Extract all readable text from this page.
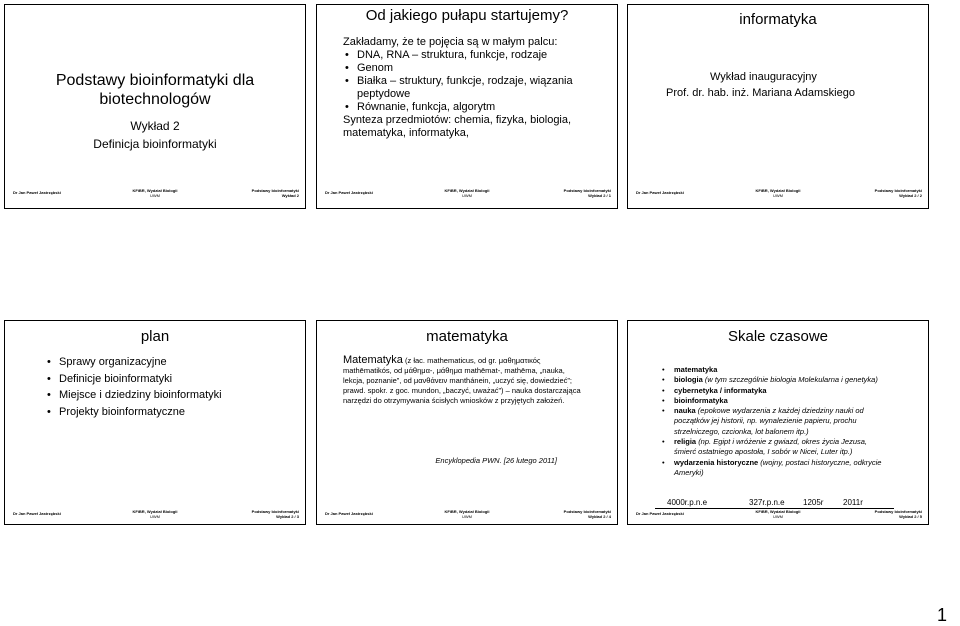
Podstawy bioinformatyki dla biotechnologów
Wykład 2
Definicja bioinformatyki
Dr Jan Paweł Jastrzębski	KFiBR, Wydział Biologii
UWM
Podstawy bioinformatyki
Wykład 2
Od jakiego pułapu startujemy?
Zakładamy, że te pojęcia są w małym palcu:
• DNA, RNA – struktura, funkcje, rodzaje
• Genom
• Białka – struktury, funkcje, rodzaje, wiązania peptydowe
• Równanie, funkcja, algorytm
Synteza przedmiotów: chemia, fizyka, biologia, matematyka, informatyka,
Dr Jan Paweł Jastrzębski	KFiBR, Wydział Biologii
UWM
Podstawy bioinformatyki
Wykład 2 / 1
informatyka
Wykład inauguracyjny
Prof. dr. hab. inż. Mariana Adamskiego
Dr Jan Paweł Jastrzębski	KFiBR, Wydział Biologii
UWM
Podstawy bioinformatyki
Wykład 2 / 2
plan
• Sprawy organizacyjne
• Definicje bioinformatyki
• Miejsce i dziedziny bioinformatyki
• Projekty bioinformatyczne
Dr Jan Paweł Jastrzębski	KFiBR, Wydział Biologii
UWM
Podstawy bioinformatyki
Wykład 2 / 3
matematyka
Matematyka (z łac. mathematicus, od gr. μαθηματικός
mathēmatikós, od μάθημα-, μάθημα mathēmat-, mathēma, „nauka, lekcja, poznanie”, od μανθάνειν manthánein, „uczyć się, dowiedzieć”; prawd. spokr. z goc. mundon, „baczyć, uważać”) – nauka dostarczająca narzędzi do otrzymywania ścisłych wniosków z przyjętych założeń.
Encyklopedia PWN. [26 lutego 2011]
Dr Jan Paweł Jastrzębski	KFiBR, Wydział Biologii
UWM
Podstawy bioinformatyki
Wykład 2 / 4
Skale czasowe
• matematyka
• biologia (w tym szczególnie biologia Molekularna i genetyka)
• cybernetyka / informatyka
• bioinformatyka
• nauka (epokowe wydarzenia z każdej dziedziny nauki od początków jej historii, np. wynalezienie papieru, prochu strzelniczego, czcionka, lot balonem itp.)
• religia (np. Egipt i wróżenie z gwiazd, okres życia Jezusa, śmierć ostatniego apostoła, I sobór w Nicei, Luter itp.)
• wydarzenia historyczne (wojny, postaci historyczne, odkrycie Ameryki)
Dr Jan Paweł Jastrzębski	KFiBR, Wydział Biologii
UWM
Podstawy bioinformatyki
Wykład 2 / 5
4000r.p.n.e	327r.p.n.e 1205r 2011r
1
